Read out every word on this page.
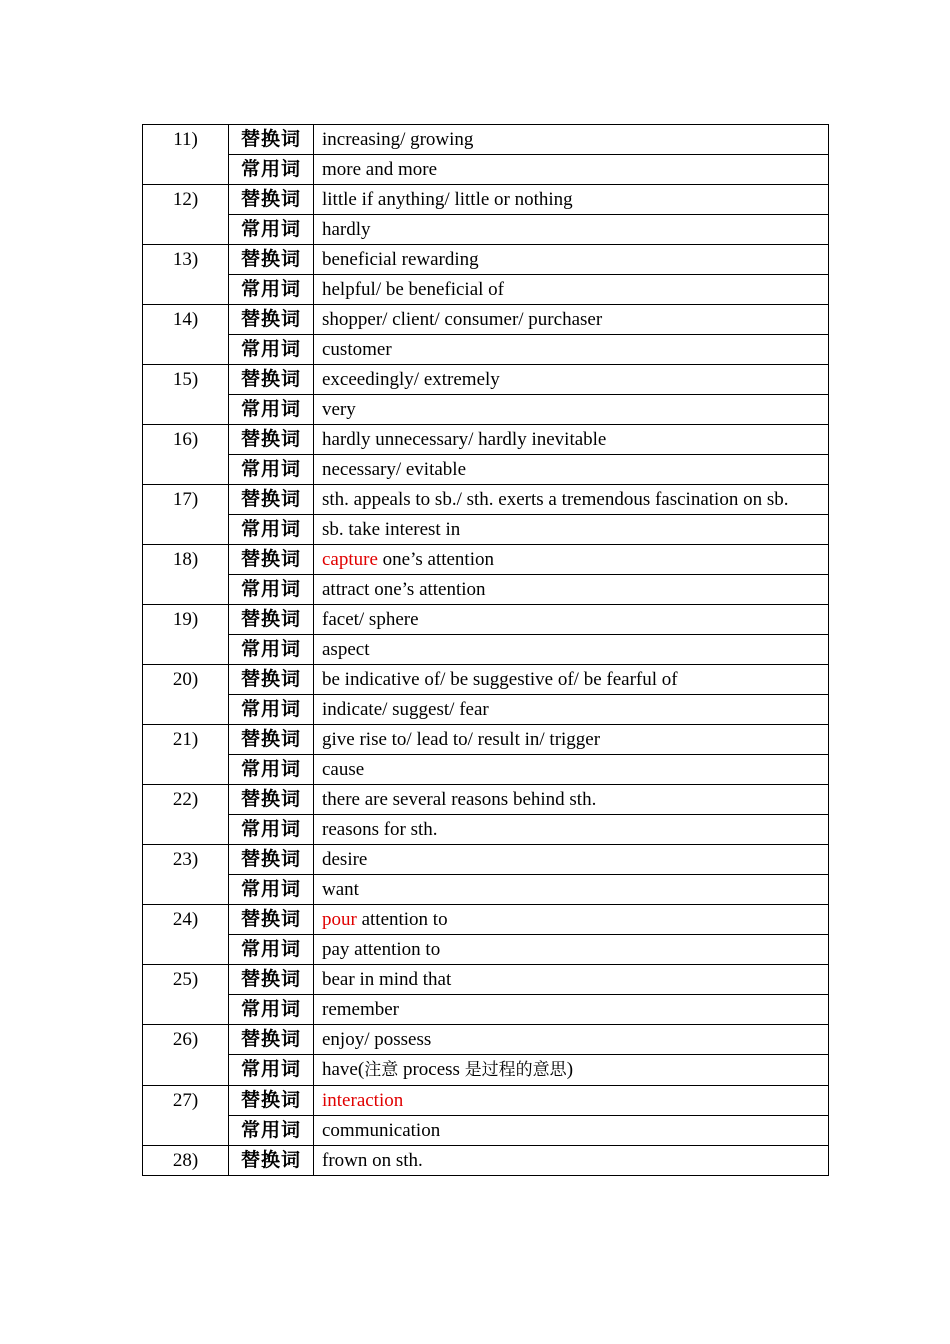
11)	替换词	increasing/ growing
	常用词	more and more
12)	替换词	little if anything/ little or nothing
	常用词	hardly
13)	替换词	beneficial rewarding
	常用词	helpful/ be beneficial of
14)	替换词	shopper/ client/ consumer/ purchaser
	常用词	customer
15)	替换词	exceedingly/ extremely
	常用词	very
16)	替换词	hardly unnecessary/ hardly inevitable
	常用词	necessary/ evitable
17)	替换词	sth. appeals to sb./ sth. exerts a tremendous fascination on sb.
	常用词	sb. take interest in
18)	替换词	capture one’s attention
	常用词	attract one’s attention
19)	替换词	facet/ sphere
	常用词	aspect
20)	替换词	be indicative of/ be suggestive of/ be fearful of
	常用词	indicate/ suggest/ fear
21)	替换词	give rise to/ lead to/ result in/ trigger
	常用词	cause
22)	替换词	there are several reasons behind sth.
	常用词	reasons for sth.
23)	替换词	desire
	常用词	want
24)	替换词	pour attention to
	常用词	pay attention to
25)	替换词	bear in mind that
	常用词	remember
26)	替换词	enjoy/ possess
	常用词	have(注意 process 是过程的意思)
27)	替换词	interaction
	常用词	communication
28)	替换词	frown on sth.
